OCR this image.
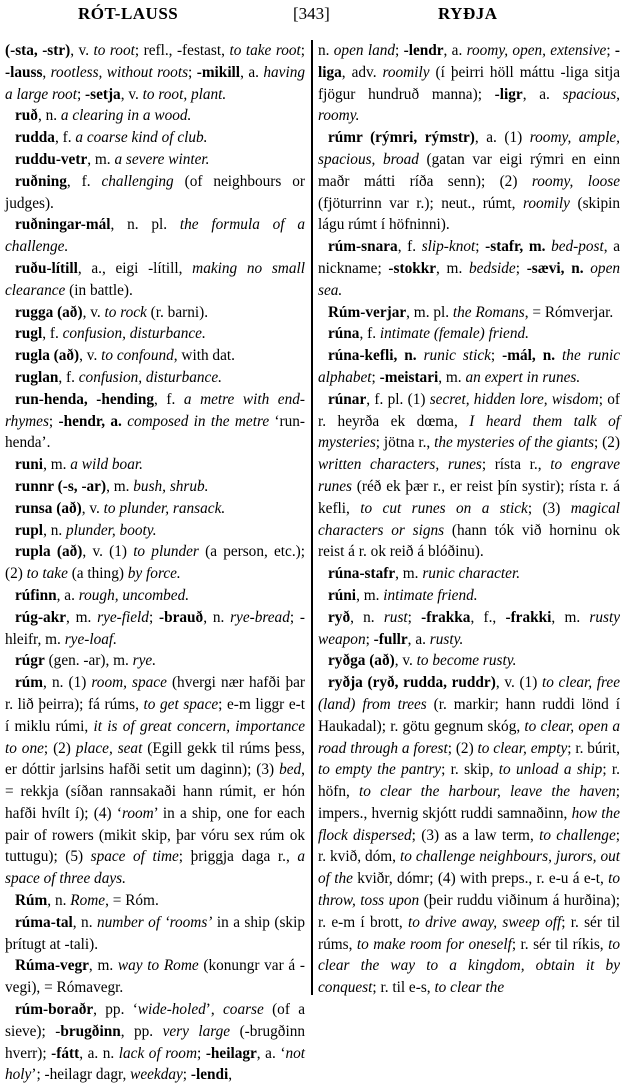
RÓT-LAUSS	[343]	RYÐJA

(-sta, -str), v. to root; refl., -festast, to take root; -lauss, rootless, without roots; -mikill, a. having a large root; -setja, v. to root, plant.

ruð, n. a clearing in a wood.

rudda, f. a coarse kind of club.

ruddu-vetr, m. a severe winter.

ruðning, f. challenging (of neighbours or judges).

ruðningar-mál, n. pl. the formula of a challenge.

ruðu-lítill, a., eigi -lítill, making no small clearance (in battle).

rugga (að), v. to rock (r. barni).

rugl, f. confusion, disturbance.

rugla (að), v. to confound, with dat.

ruglan, f. confusion, disturbance.

run-henda, -hending, f. a metre with end-rhymes; -hendr, a. composed in the metre ‘run-henda’.

runi, m. a wild boar.

runnr (-s, -ar), m. bush, shrub.

runsa (að), v. to plunder, ransack.

rupl, n. plunder, booty.

rupla (að), v. (1) to plunder (a person, etc.); (2) to take (a thing) by force.

rúfinn, a. rough, uncombed.

rúg-akr, m. rye-field; -brauð, n. rye-bread; -hleifr, m. rye-loaf.

rúgr (gen. -ar), m. rye.

rúm, n. (1) room, space (hvergi nær hafði þar r. lið þeirra); fá rúms, to get space; e-m liggr e-t í miklu rúmi, it is of great concern, importance to one; (2) place, seat (Egill gekk til rúms þess, er dóttir jarlsins hafði setit um daginn); (3) bed, = rekkja (síðan rannsakaði hann rúmit, er hón hafði hvílt í); (4) ‘room’ in a ship, one for each pair of rowers (mikit skip, þar vóru sex rúm ok tuttugu); (5) space of time; þriggja daga r., a space of three days.

Rúm, n. Rome, = Róm.

rúma-tal, n. number of ‘rooms’ in a ship (skip þrítugt at -tali).

Rúma-vegr, m. way to Rome (konungr var á -vegi), = Rómavegr.

rúm-boraðr, pp. ‘wide-holed’, coarse (of a sieve); -brugðinn, pp. very large (-brugðinn hverr); -fátt, a. n. lack of room; -heilagr, a. ‘not holy’; -heilagr dagr, weekday; -lendi,

n. open land; -lendr, a. roomy, open, extensive; -liga, adv. roomily (í þeirri höll máttu -liga sitja fjögur hundruð manna); -ligr, a. spacious, roomy.

rúmr (rýmri, rýmstr), a. (1) roomy, ample, spacious, broad (gatan var eigi rýmri en einn maðr mátti ríða senn); (2) roomy, loose (fjöturrinn var r.); neut., rúmt, roomily (skipin lágu rúmt í höfninni).

rúm-snara, f. slip-knot; -stafr, m. bed-post, a nickname; -stokkr, m. bedside; -sævi, n. open sea.

Rúm-verjar, m. pl. the Romans, = Rómverjar.

rúna, f. intimate (female) friend.

rúna-kefli, n. runic stick; -mál, n. the runic alphabet; -meistari, m. an expert in runes.

rúnar, f. pl. (1) secret, hidden lore, wisdom; of r. heyrða ek dœma, I heard them talk of mysteries; jötna r., the mysteries of the giants; (2) written characters, runes; rísta r., to engrave runes (réð ek þær r., er reist þín systir); rísta r. á kefli, to cut runes on a stick; (3) magical characters or signs (hann tók við horninu ok reist á r. ok reið á blóðinu).

rúna-stafr, m. runic character.

rúni, m. intimate friend.

ryð, n. rust; -frakka, f., -frakki, m. rusty weapon; -fullr, a. rusty.

ryðga (að), v. to become rusty.

ryðja (ryð, rudda, ruddr), v. (1) to clear, free (land) from trees (r. markir; hann ruddi lönd í Haukadal); r. götu gegnum skóg, to clear, open a road through a forest; (2) to clear, empty; r. búrit, to empty the pantry; r. skip, to unload a ship; r. höfn, to clear the harbour, leave the haven; impers., hvernig skjótt ruddi samnaðinn, how the flock dispersed; (3) as a law term, to challenge; r. kvið, dóm, to challenge neighbours, jurors, out of the kviðr, dómr; (4) with preps., r. e-u á e-t, to throw, toss upon (þeir ruddu viðinum á hurðina); r. e-m í brott, to drive away, sweep off; r. sér til rúms, to make room for oneself; r. sér til ríkis, to clear the way to a kingdom, obtain it by conquest; r. til e-s, to clear the
